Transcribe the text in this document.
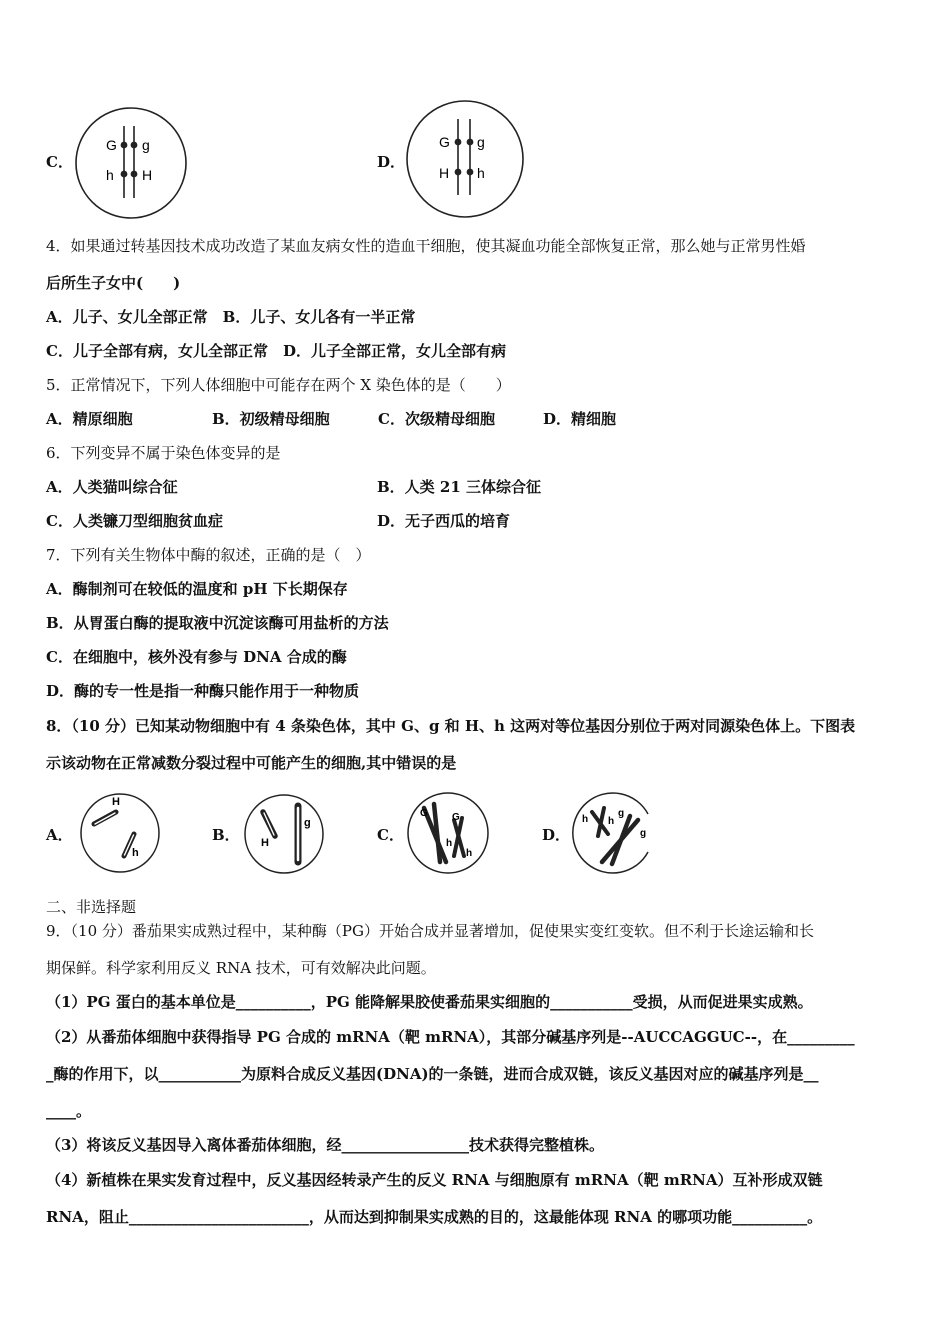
C．
G g
h H
D．
G g
H h
4．如果通过转基因技术成功改造了某血友病女性的造血干细胞，使其凝血功能全部恢复正常，那么她与正常男性婚
后所生子女中(　　)
A．儿子、女儿全部正常　B．儿子、女儿各有一半正常
C．儿子全部有病，女儿全部正常　D．儿子全部正常，女儿全部有病
5．正常情况下，下列人体细胞中可能存在两个 X 染色体的是（　　）
A．精原细胞	B．初级精母细胞	C．次级精母细胞	D．精细胞
6．下列变异不属于染色体变异的是
A．人类猫叫综合征	B．人类 21 三体综合征
C．人类镰刀型细胞贫血症	D．无子西瓜的培育
7．下列有关生物体中酶的叙述，正确的是（　）
A．酶制剂可在较低的温度和 pH 下长期保存
B．从胃蛋白酶的提取液中沉淀该酶可用盐析的方法
C．在细胞中，核外没有参与 DNA 合成的酶
D．酶的专一性是指一种酶只能作用于一种物质
8．（10 分）已知某动物细胞中有 4 条染色体，其中 G、g 和 H、h 这两对等位基因分别位于两对同源染色体上。下图表
示该动物在正常减数分裂过程中可能产生的细胞,其中错误的是
A．
H
h
B． H
g
C．
G G
h
h
D．
h h
g
g
二、非选择题
9．（10 分）番茄果实成熟过程中，某种酶（PG）开始合成并显著增加，促使果实变红变软。但不利于长途运输和长
期保鲜。科学家利用反义 RNA 技术，可有效解决此问题。
（1）PG 蛋白的基本单位是__________，PG 能降解果胶使番茄果实细胞的___________受损，从而促进果实成熟。
（2）从番茄体细胞中获得指导 PG 合成的 mRNA（靶 mRNA），其部分碱基序列是--AUCCAGGUC--，在_________
_酶的作用下，以___________为原料合成反义基因(DNA)的一条链，进而合成双链，该反义基因对应的碱基序列是__
____。
（3）将该反义基因导入离体番茄体细胞，经_________________技术获得完整植株。
（4）新植株在果实发育过程中，反义基因经转录产生的反义 RNA 与细胞原有 mRNA（靶 mRNA）互补形成双链
RNA，阻止________________________，从而达到抑制果实成熟的目的，这最能体现 RNA 的哪项功能__________。
